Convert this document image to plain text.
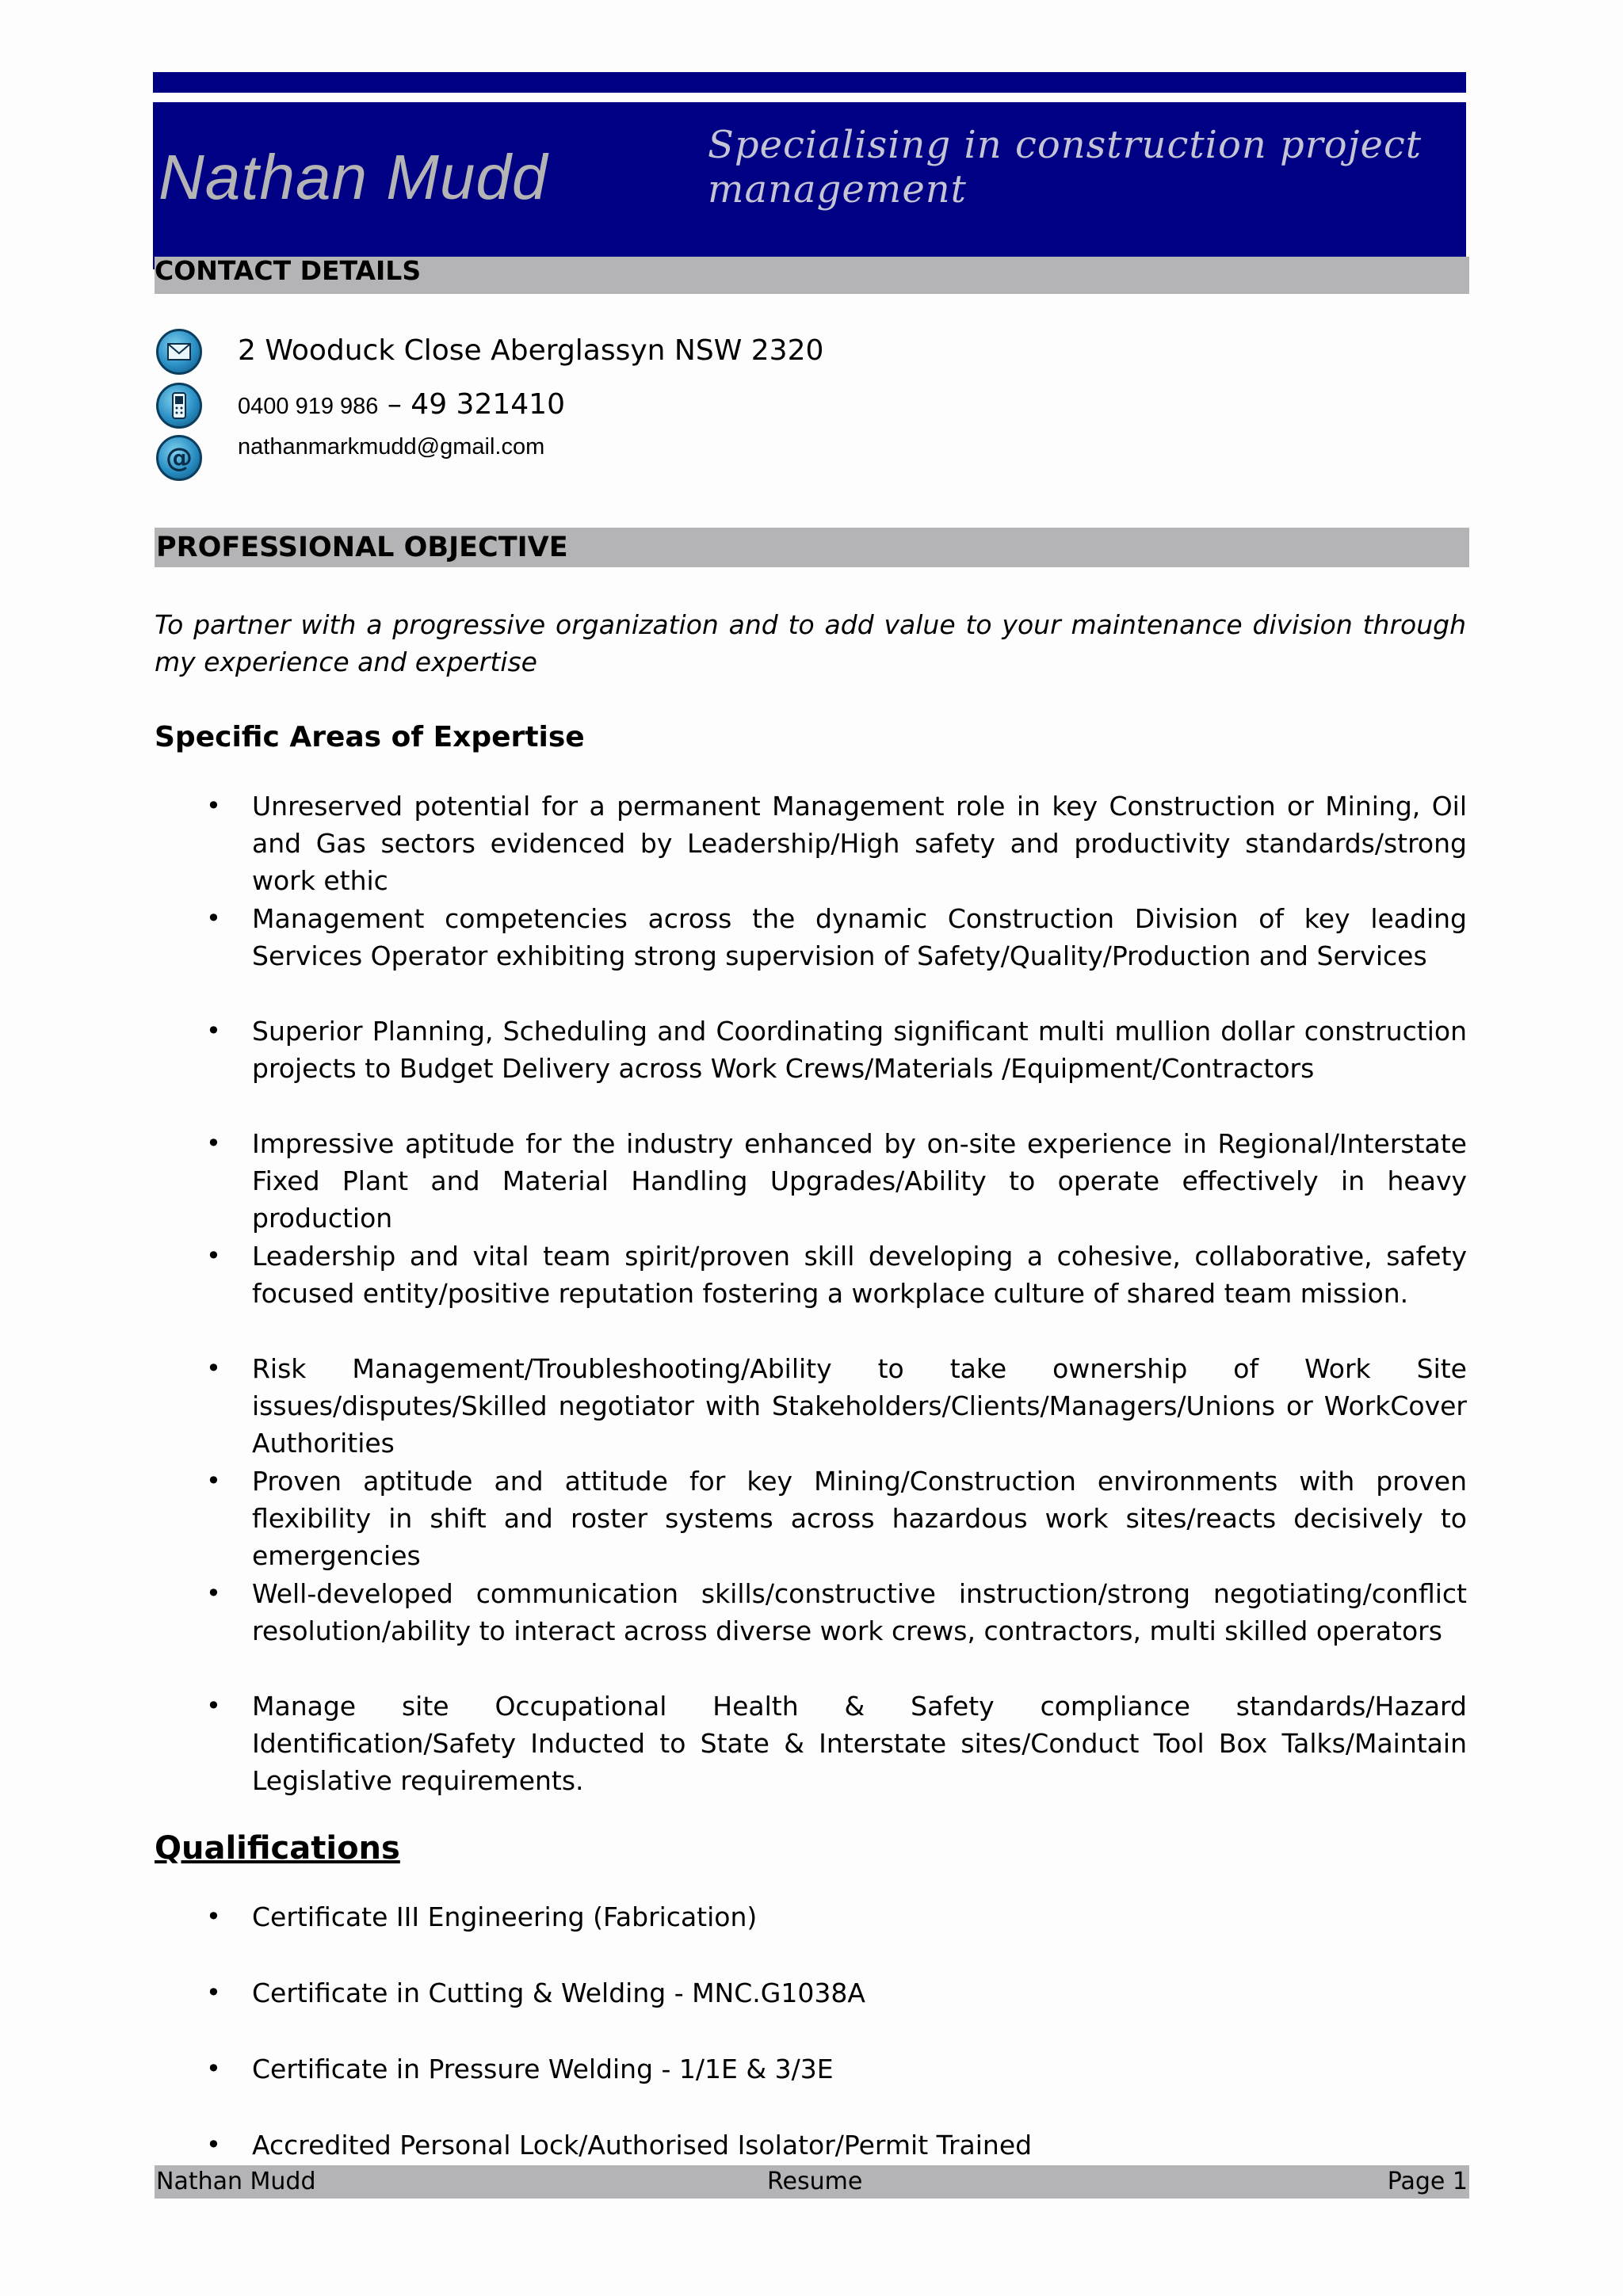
Nathan Mudd	Specialising in construction project management
CONTACT DETAILS
2 Wooduck Close Aberglassyn NSW 2320
0400 919 986 – 49 321410
@ nathanmarkmudd@gmail.com
PROFESSIONAL OBJECTIVE
To partner with a progressive organization and to add value to your maintenance division through my experience and expertise
Specific Areas of Expertise
• Unreserved potential for a permanent Management role in key Construction or Mining, Oil and Gas sectors evidenced by Leadership/High safety and productivity standards/strong work ethic
• Management competencies across the dynamic Construction Division of key leading Services Operator exhibiting strong supervision of Safety/Quality/Production and Services
• Superior Planning, Scheduling and Coordinating significant multi mullion dollar construction projects to Budget Delivery across Work Crews/Materials /Equipment/Contractors
• Impressive aptitude for the industry enhanced by on-site experience in Regional/Interstate Fixed Plant and Material Handling Upgrades/Ability to operate effectively in heavy production
• Leadership and vital team spirit/proven skill developing a cohesive, collaborative, safety focused entity/positive reputation fostering a workplace culture of shared team mission.
• Risk Management/Troubleshooting/Ability to take ownership of Work Site issues/disputes/Skilled negotiator with Stakeholders/Clients/Managers/Unions or WorkCover Authorities
• Proven aptitude and attitude for key Mining/Construction environments with proven flexibility in shift and roster systems across hazardous work sites/reacts decisively to emergencies
• Well-developed communication skills/constructive instruction/strong negotiating/conflict resolution/ability to interact across diverse work crews, contractors, multi skilled operators
• Manage site Occupational Health & Safety compliance standards/Hazard Identification/Safety Inducted to State & Interstate sites/Conduct Tool Box Talks/Maintain Legislative requirements.
Qualifications
• Certificate III Engineering (Fabrication)
• Certificate in Cutting & Welding - MNC.G1038A
• Certificate in Pressure Welding - 1/1E & 3/3E
• Accredited Personal Lock/Authorised Isolator/Permit Trained
Nathan Mudd	Resume	Page 1
